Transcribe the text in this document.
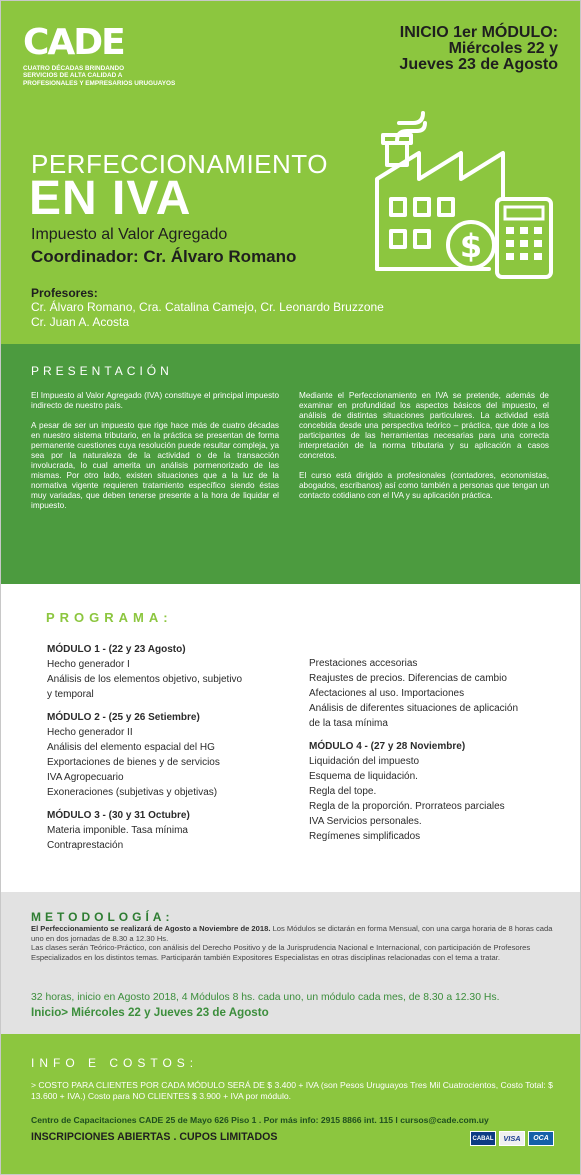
CADE
CUATRO DÉCADAS BRINDANDO
SERVICIOS DE ALTA CALIDAD A
PROFESIONALES Y EMPRESARIOS URUGUAYOS
INICIO 1er MÓDULO:
Miércoles 22 y
Jueves 23 de Agosto
$
PERFECCIONAMIENTO
EN IVA
Impuesto al Valor Agregado
Coordinador: Cr. Álvaro Romano
Profesores:
Cr. Álvaro Romano, Cra. Catalina Camejo, Cr. Leonardo Bruzzone
Cr. Juan A. Acosta
PRESENTACIÓN

El Impuesto al Valor Agregado (IVA) constituye el principal impuesto indirecto de nuestro país.

A pesar de ser un impuesto que rige hace más de cuatro décadas en nuestro sistema tributario, en la práctica se presentan de forma permanente cuestiones cuya resolución puede resultar compleja, ya sea por la naturaleza de la actividad o de la transacción involucrada, lo cual amerita un análisis pormenorizado de las mismas. Por otro lado, existen situaciones que a la luz de la normativa vigente requieren tratamiento específico siendo éstas muy variadas, que deben tenerse presente a la hora de liquidar el impuesto.

Mediante el Perfeccionamiento en IVA se pretende, además de examinar en profundidad los aspectos básicos del impuesto, el análisis de distintas situaciones particulares. La actividad está concebida desde una perspectiva teórico – práctica, que dote a los participantes de las herramientas necesarias para una correcta interpretación de la norma tributaria y su aplicación a casos concretos.

El curso está dirigido a profesionales (contadores, economistas, abogados, escribanos) así como también a personas que tengan un contacto cotidiano con el IVA y su aplicación práctica.

PROGRAMA:
MÓDULO 1 - (22 y 23 Agosto)
Hecho generador I
Análisis de los elementos objetivo, subjetivo
y temporal
MÓDULO 2 - (25 y 26 Setiembre)
Hecho generador II
Análisis del elemento espacial del HG
Exportaciones de bienes y de servicios
IVA Agropecuario
Exoneraciones (subjetivas y objetivas)
MÓDULO 3 - (30 y 31 Octubre)
Materia imponible. Tasa mínima
Contraprestación
Prestaciones accesorias
Reajustes de precios. Diferencias de cambio
Afectaciones al uso. Importaciones
Análisis de diferentes situaciones de aplicación
de la tasa mínima
MÓDULO 4 - (27 y 28 Noviembre)
Liquidación del impuesto
Esquema de liquidación.
Regla del tope.
Regla de la proporción. Prorrateos parciales
IVA Servicios personales.
Regímenes simplificados
METODOLOGÍA:
El Perfeccionamiento se realizará de Agosto a Noviembre de 2018. Los Módulos se dictarán en forma Mensual, con una carga horaria de 8 horas cada uno en dos jornadas de 8.30 a 12.30 Hs.
Las clases serán Teórico-Práctico, con análisis del Derecho Positivo y de la Jurisprudencia Nacional e Internacional, con participación de Profesores Especializados en los distintos temas. Participarán también Expositores Especialistas en otras disciplinas relacionadas con el tema a tratar.
32 horas, inicio en Agosto 2018, 4 Módulos 8 hs. cada uno, un módulo cada mes, de 8.30 a 12.30 Hs.
Inicio> Miércoles 22 y Jueves 23 de Agosto
INFO E COSTOS:
> COSTO PARA CLIENTES POR CADA MÓDULO SERÁ DE $ 3.400 + IVA (son Pesos Uruguayos Tres Mil Cuatrocientos, Costo Total: $ 13.600 + IVA.) Costo para NO CLIENTES $ 3.900 + IVA por módulo.
Centro de Capacitaciones CADE 25 de Mayo 626 Piso 1 . Por más info: 2915 8866 int. 115 l cursos@cade.com.uy
INSCRIPCIONES ABIERTAS . CUPOS LIMITADOS	CABAL	VISA	OCA
